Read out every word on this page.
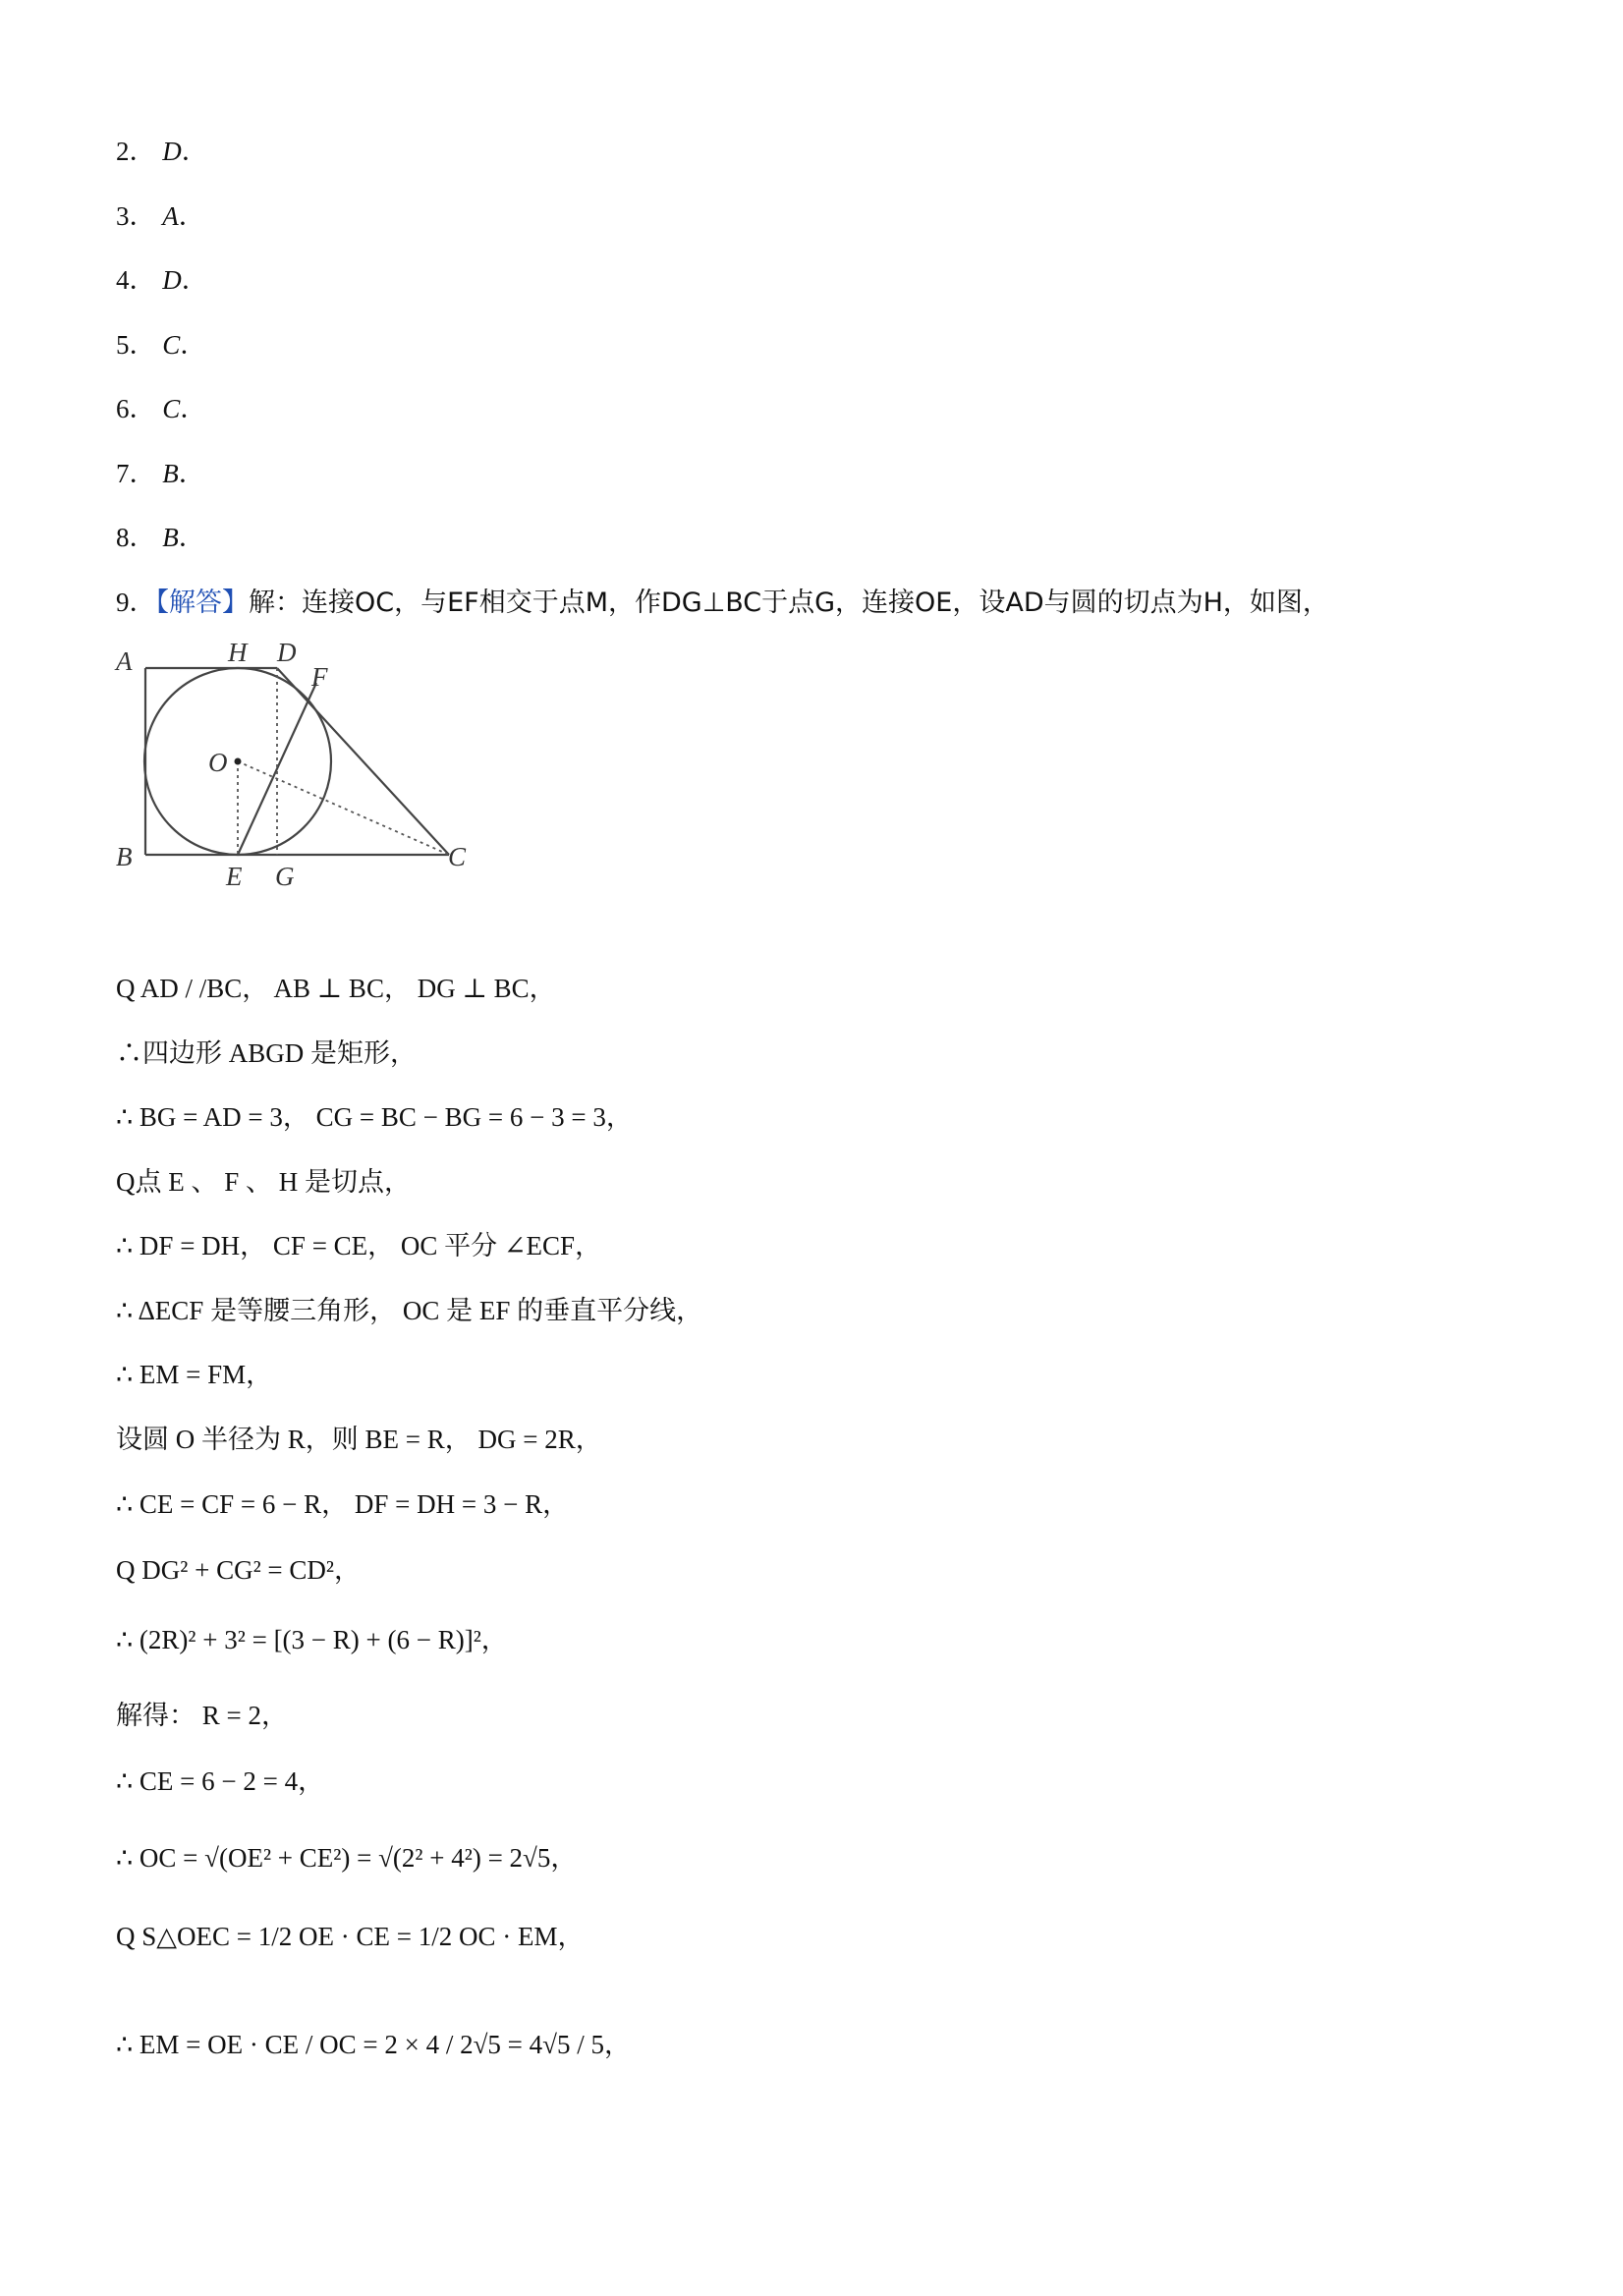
2． D．
3． A．
4． D．
5． C．
6． C．
7． B．
8． B．
9．【解答】解：连接OC，与EF相交于点M，作DG⊥BC于点G，连接OE，设AD与圆的切点为H，如图，
A	H D
F
O
B
E G
C
Q AD / /BC， AB ⊥ BC， DG ⊥ BC，
∴四边形 ABGD 是矩形，
∴ BG = AD = 3， CG = BC − BG = 6 − 3 = 3，
Q点 E 、 F 、 H 是切点，
∴ DF = DH， CF = CE， OC 平分 ∠ECF，
∴ ΔECF 是等腰三角形， OC 是 EF 的垂直平分线，
∴ EM = FM，
设圆 O 半径为 R，则 BE = R， DG = 2R，
∴ CE = CF = 6 − R， DF = DH = 3 − R，
Q DG² + CG² = CD²，
∴ (2R)² + 3² = [(3 − R) + (6 − R)]²，
解得： R = 2，
∴ CE = 6 − 2 = 4，
∴ OC = √(OE² + CE²) = √(2² + 4²) = 2√5，
Q S△OEC = 1/2 OE · CE = 1/2 OC · EM，
∴ EM = OE · CE / OC = 2 × 4 / 2√5 = 4√5 / 5，
